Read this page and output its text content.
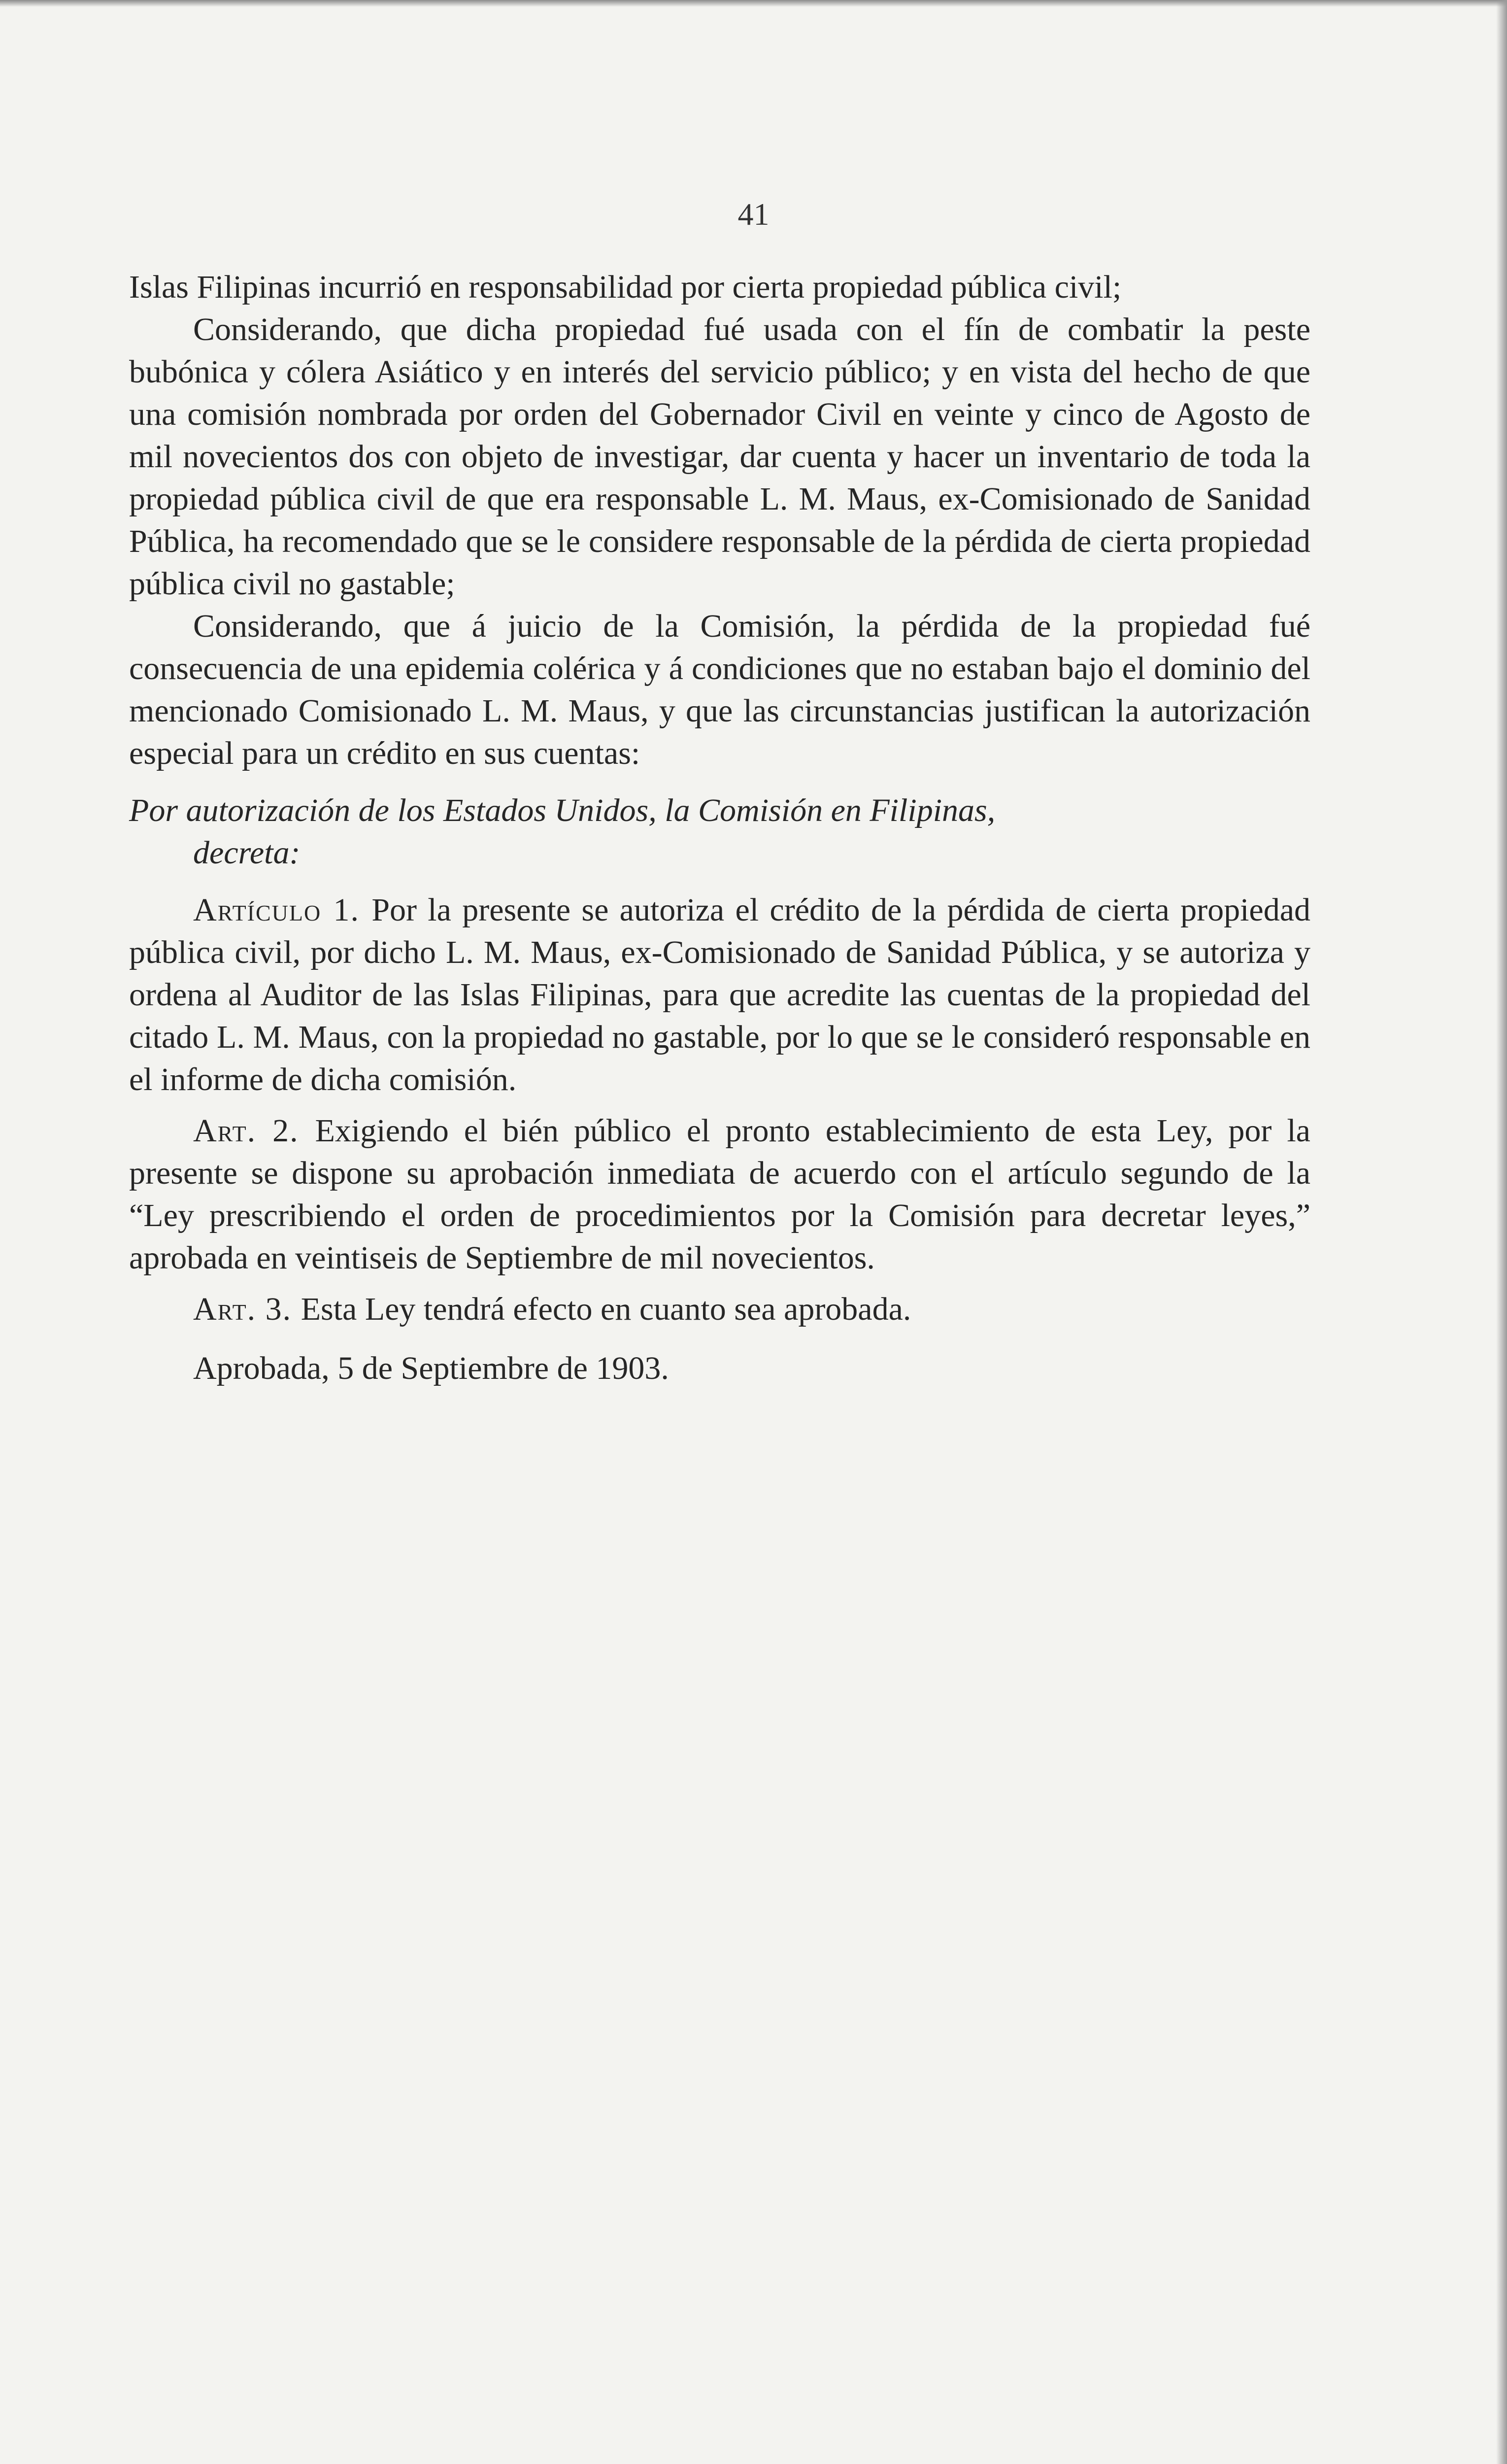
41

Islas Filipinas incurrió en responsabilidad por cierta propiedad pública civil;

Considerando, que dicha propiedad fué usada con el fín de combatir la peste bubónica y cólera Asiático y en interés del servicio público; y en vista del hecho de que una comisión nombrada por orden del Gobernador Civil en veinte y cinco de Agosto de mil novecientos dos con objeto de investigar, dar cuenta y hacer un inventario de toda la propiedad pública civil de que era responsable L. M. Maus, ex-Comisionado de Sanidad Pública, ha recomendado que se le considere responsable de la pérdida de cierta propiedad pública civil no gastable;

Considerando, que á juicio de la Comisión, la pérdida de la propiedad fué consecuencia de una epidemia colérica y á condiciones que no estaban bajo el dominio del mencionado Comisionado L. M. Maus, y que las circunstancias justifican la autorización especial para un crédito en sus cuentas:

Por autorización de los Estados Unidos, la Comisión en Filipinas,
decreta:

Artículo 1. Por la presente se autoriza el crédito de la pérdida de cierta propiedad pública civil, por dicho L. M. Maus, ex-Comisionado de Sanidad Pública, y se autoriza y ordena al Auditor de las Islas Filipinas, para que acredite las cuentas de la propiedad del citado L. M. Maus, con la propiedad no gastable, por lo que se le consideró responsable en el informe de dicha comisión.

Art. 2. Exigiendo el bién público el pronto establecimiento de esta Ley, por la presente se dispone su aprobación inmediata de acuerdo con el artículo segundo de la “Ley prescribiendo el orden de procedimientos por la Comisión para decretar leyes,” aprobada en veintiseis de Septiembre de mil novecientos.

Art. 3. Esta Ley tendrá efecto en cuanto sea aprobada.

Aprobada, 5 de Septiembre de 1903.
